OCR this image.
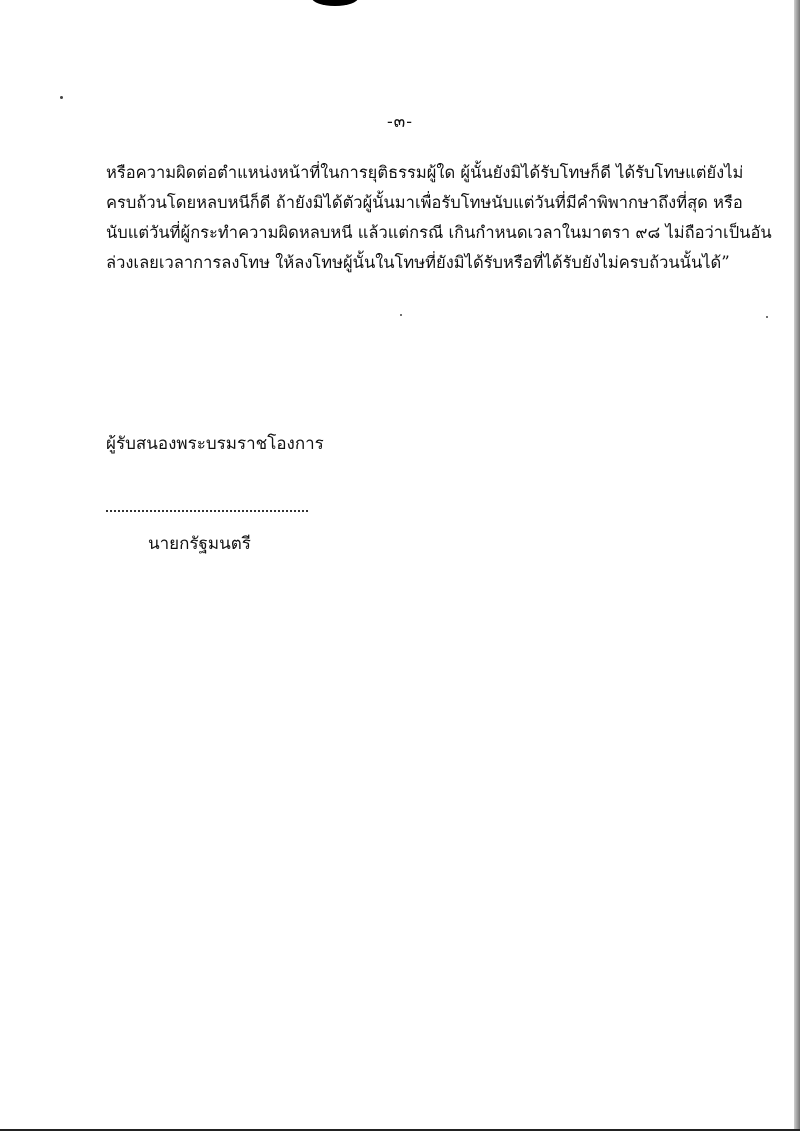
-๓-
หรือความผิดต่อตำแหน่งหน้าที่ในการยุติธรรมผู้ใด ผู้นั้นยังมิได้รับโทษก็ดี ได้รับโทษแต่ยังไม่
ครบถ้วนโดยหลบหนีก็ดี ถ้ายังมิได้ตัวผู้นั้นมาเพื่อรับโทษนับแต่วันที่มีคำพิพากษาถึงที่สุด หรือ
นับแต่วันที่ผู้กระทำความผิดหลบหนี แล้วแต่กรณี เกินกำหนดเวลาในมาตรา ๙๘ ไม่ถือว่าเป็นอัน
ล่วงเลยเวลาการลงโทษ ให้ลงโทษผู้นั้นในโทษที่ยังมิได้รับหรือที่ได้รับยังไม่ครบถ้วนนั้นได้”
ผู้รับสนองพระบรมราชโองการ
นายกรัฐมนตรี
